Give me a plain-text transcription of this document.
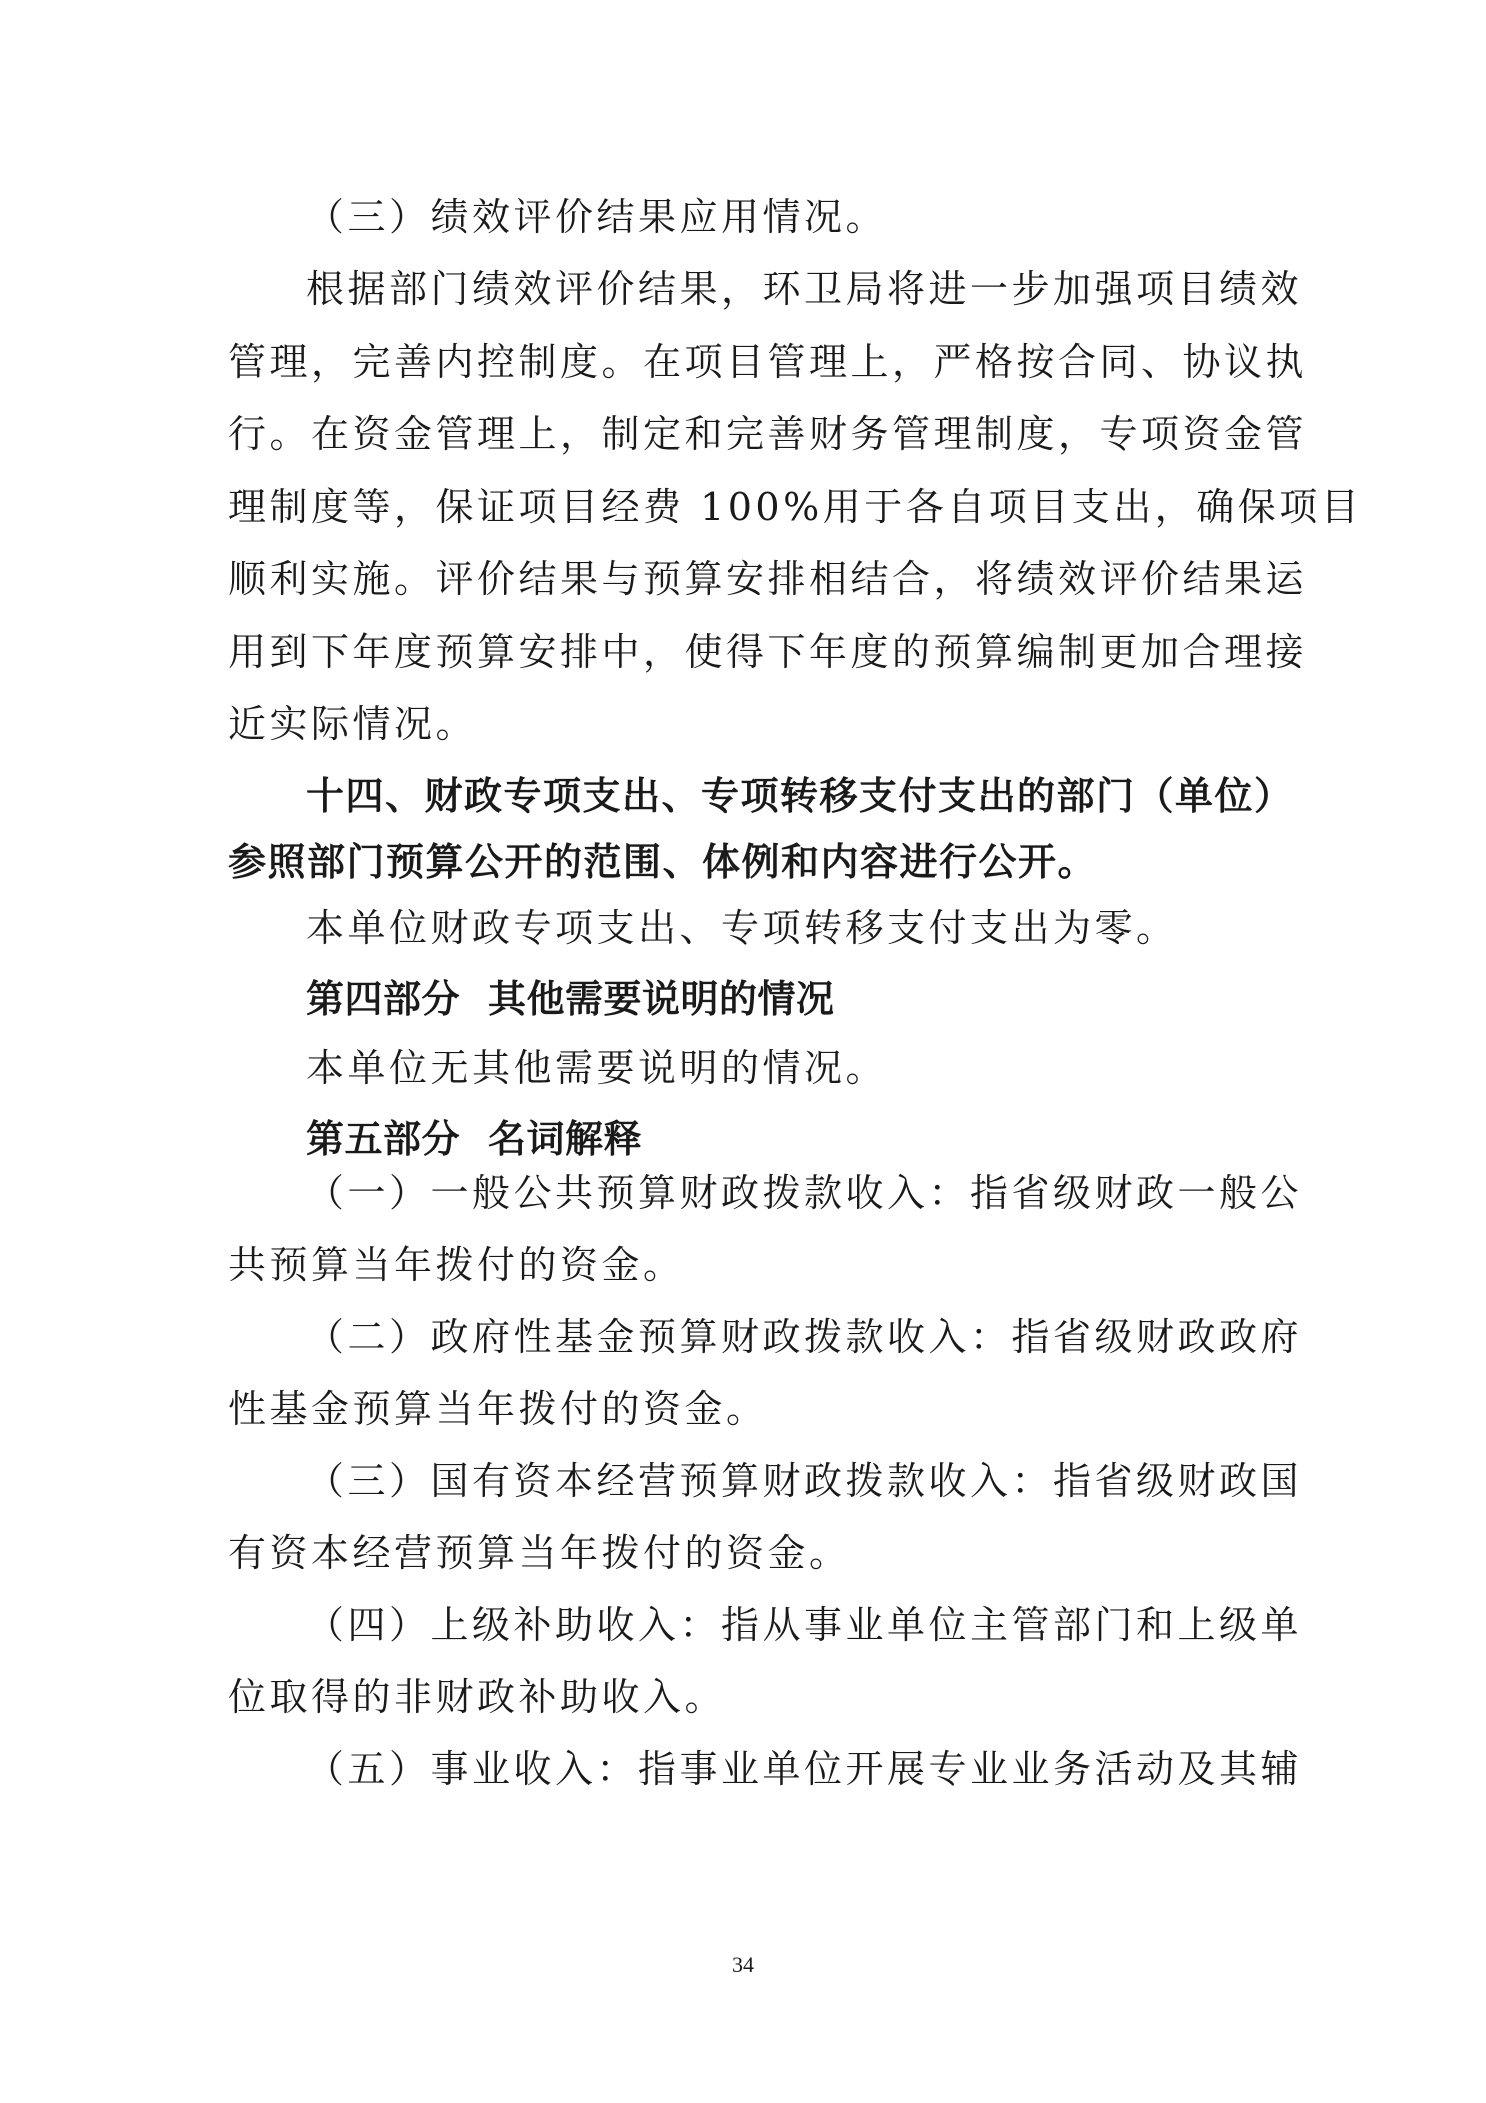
（三）绩效评价结果应用情况。
根据部门绩效评价结果，环卫局将进一步加强项目绩效
管理，完善内控制度。在项目管理上，严格按合同、协议执
行。在资金管理上，制定和完善财务管理制度，专项资金管
理制度等，保证项目经费 100%用于各自项目支出，确保项目
顺利实施。评价结果与预算安排相结合，将绩效评价结果运
用到下年度预算安排中，使得下年度的预算编制更加合理接
近实际情况。
十四、财政专项支出、专项转移支付支出的部门（单位）
参照部门预算公开的范围、体例和内容进行公开。
本单位财政专项支出、专项转移支付支出为零。
第四部分 其他需要说明的情况
本单位无其他需要说明的情况。
第五部分 名词解释
（一）一般公共预算财政拨款收入：指省级财政一般公
共预算当年拨付的资金。
（二）政府性基金预算财政拨款收入：指省级财政政府
性基金预算当年拨付的资金。
（三）国有资本经营预算财政拨款收入：指省级财政国
有资本经营预算当年拨付的资金。
（四）上级补助收入：指从事业单位主管部门和上级单
位取得的非财政补助收入。
（五）事业收入：指事业单位开展专业业务活动及其辅
34
